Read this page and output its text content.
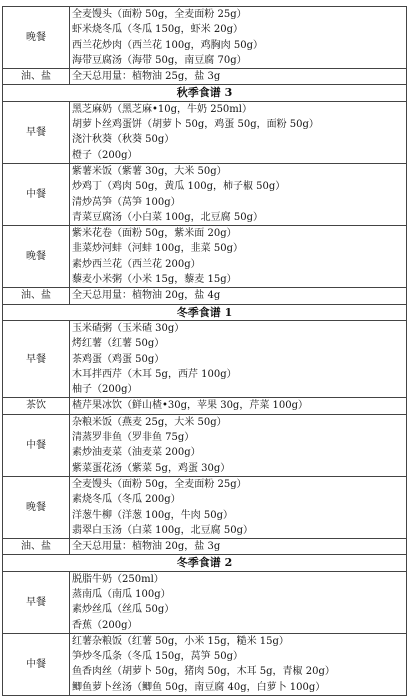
晚餐	全麦馒头（面粉 50g，全麦面粉 25g）
虾米烧冬瓜（冬瓜 150g，虾米 20g）
西兰花炒肉（西兰花 100g，鸡胸肉 50g）
海带豆腐汤（海带 50g，南豆腐 70g）

油、盐	全天总用量：植物油 25g，盐 3g

秋季食谱 3	
早餐	黑芝麻奶（黑芝麻•10g，牛奶 250ml）
胡萝卜丝鸡蛋饼（胡萝卜 50g，鸡蛋 50g，面粉 50g）
浇汁秋葵（秋葵 50g）
橙子（200g）

中餐	紫薯米饭（紫薯 30g，大米 50g）
炒鸡丁（鸡肉 50g，黄瓜 100g，柿子椒 50g）
清炒莴笋（莴笋 100g）
青菜豆腐汤（小白菜 100g，北豆腐 50g）

晚餐	紫米花卷（面粉 50g，紫米面 20g）
韭菜炒河蚌（河蚌 100g，韭菜 50g）
素炒西兰花（西兰花 200g）
藜麦小米粥（小米 15g，藜麦 15g）

油、盐	全天总用量：植物油 20g，盐 4g

冬季食谱 1	
早餐	玉米碴粥（玉米碴 30g）
烤红薯（红薯 50g）
茶鸡蛋（鸡蛋 50g）
木耳拌西芹（木耳 5g，西芹 100g）
柚子（200g）

茶饮	楂芹果冰饮（鲜山楂•30g，苹果 30g，芹菜 100g）

中餐	杂粮米饭（燕麦 25g，大米 50g）
清蒸罗非鱼（罗非鱼 75g）
素炒油麦菜（油麦菜 200g）
紫菜蛋花汤（紫菜 5g，鸡蛋 30g）

晚餐	全麦馒头（面粉 50g，全麦面粉 25g）
素烧冬瓜（冬瓜 200g）
洋葱牛柳（洋葱 100g，牛肉 50g）
翡翠白玉汤（白菜 100g，北豆腐 50g）

油、盐	全天总用量：植物油 20g，盐 3g

冬季食谱 2	
早餐	脱脂牛奶（250ml）
蒸南瓜（南瓜 100g）
素炒丝瓜（丝瓜 50g）
香蕉（200g）

中餐	红薯杂粮饭（红薯 50g，小米 15g，糙米 15g）
笋炒冬瓜条（冬瓜 150g，莴笋 50g）
鱼香肉丝（胡萝卜 50g，猪肉 50g，木耳 5g，青椒 20g）
鲫鱼萝卜丝汤（鲫鱼 50g，南豆腐 40g，白萝卜 100g）
